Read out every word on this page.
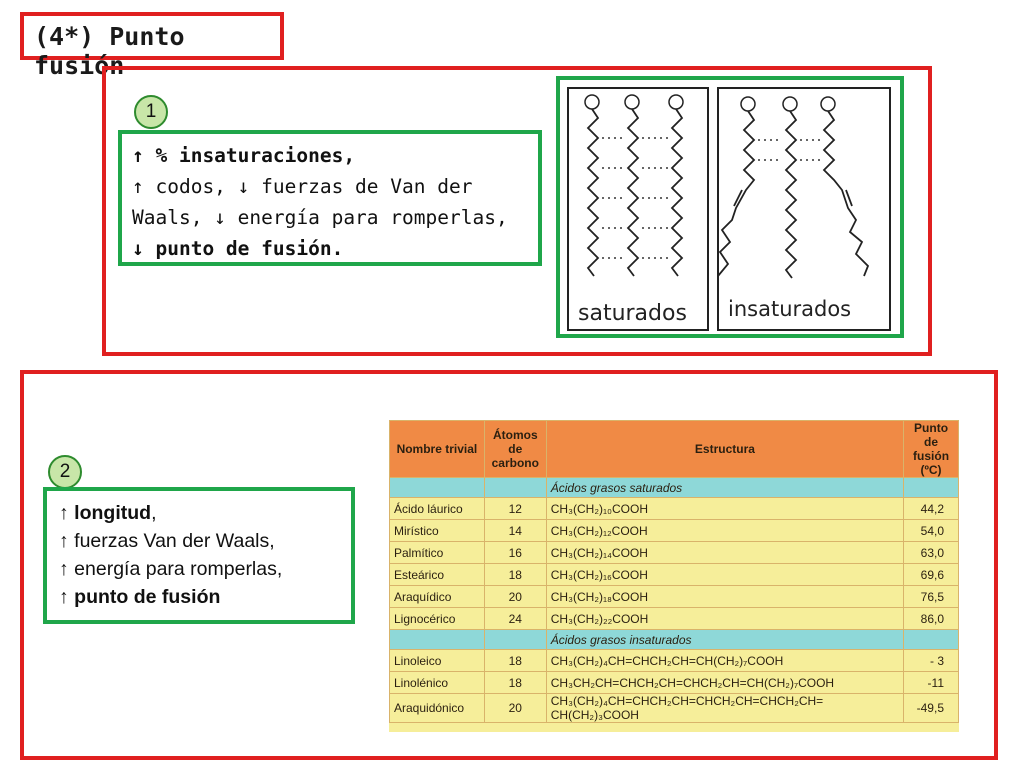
(4*) Punto fusión
1
↑ % insaturaciones,
↑ codos, ↓ fuerzas de Van der
Waals, ↓ energía para romperlas,
↓ punto de fusión.
saturados insaturados
2
↑ longitud,
↑ fuerzas Van der Waals,
↑ energía para romperlas,
↑ punto de fusión
Nombre trivial	Átomos de carbono	Estructura	Punto de fusión (ºC)
		Ácidos grasos saturados	
Ácido láurico	12	CH₃(CH₂)₁₀COOH	44,2
Mirístico	14	CH₃(CH₂)₁₂COOH	54,0
Palmítico	16	CH₃(CH₂)₁₄COOH	63,0
Esteárico	18	CH₃(CH₂)₁₆COOH	69,6
Araquídico	20	CH₃(CH₂)₁₈COOH	76,5
Lignocérico	24	CH₃(CH₂)₂₂COOH	86,0
		Ácidos grasos insaturados	
Linoleico	18	CH₃(CH₂)₄CH=CHCH₂CH=CH(CH₂)₇COOH	- 3
Linolénico	18	CH₃CH₂CH=CHCH₂CH=CHCH₂CH=CH(CH₂)₇COOH	-11
Araquidónico	20	CH₃(CH₂)₄CH=CHCH₂CH=CHCH₂CH=CHCH₂CH= CH(CH₂)₃COOH	-49,5
